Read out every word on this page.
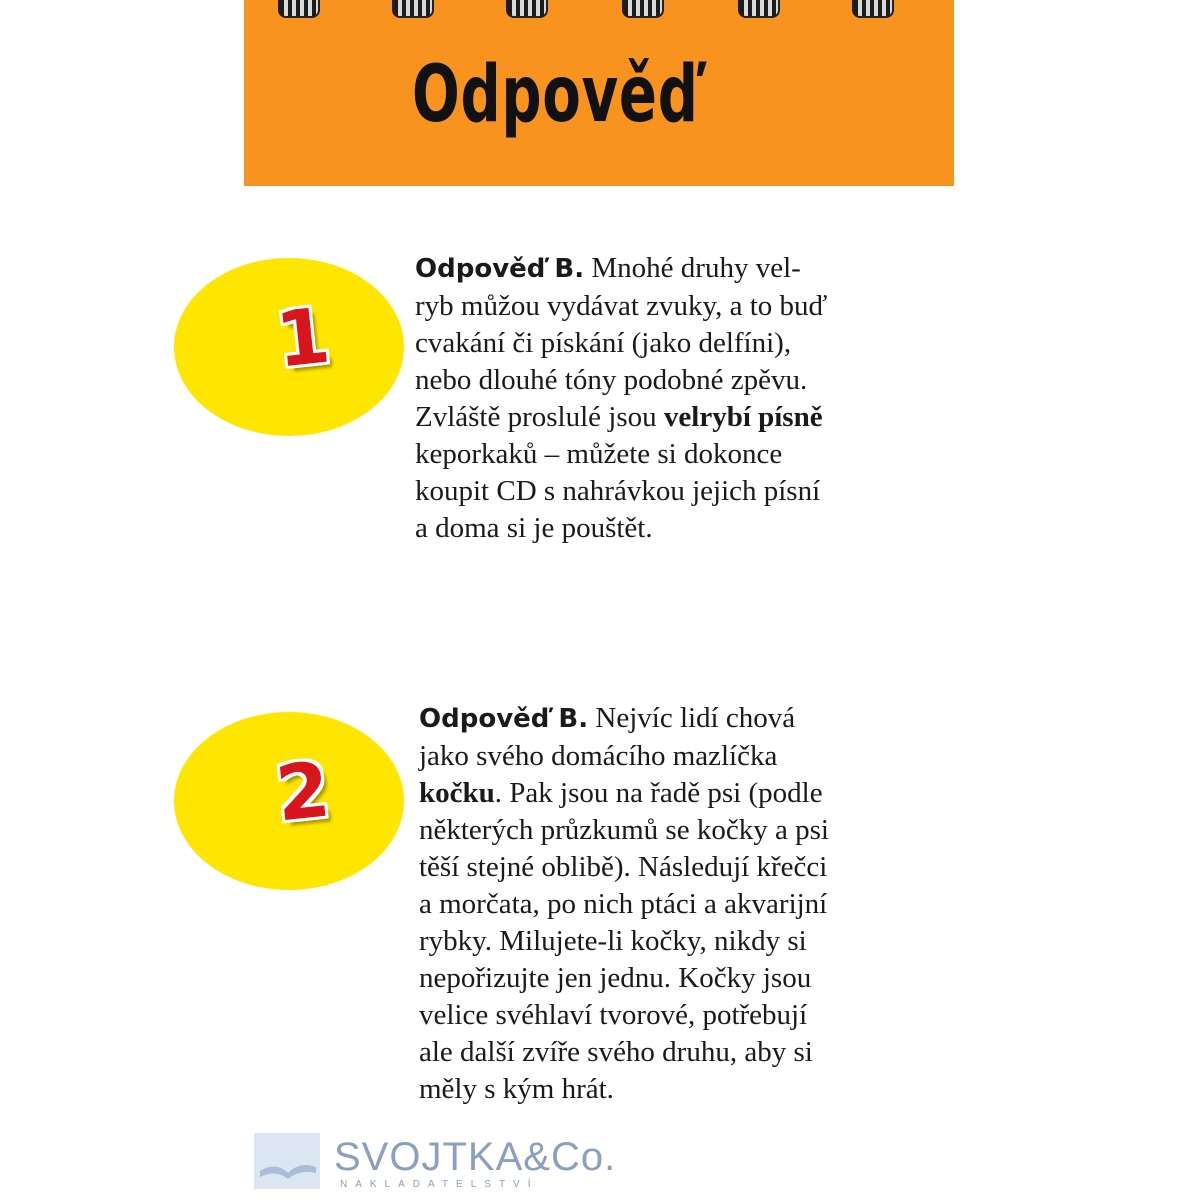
Odpověď
1
Odpověď B. Mnohé druhy vel-
ryb můžou vydávat zvuky, a to buď
cvakání či pískání (jako delfíni),
nebo dlouhé tóny podobné zpěvu.
Zvláště proslulé jsou velrybí písně
keporkaků – můžete si dokonce
koupit CD s nahrávkou jejich písní
a doma si je pouštět.
2
Odpověď B. Nejvíc lidí chová
jako svého domácího mazlíčka
kočku. Pak jsou na řadě psi (podle
některých průzkumů se kočky a psi
těší stejné oblibě). Následují křečci
a morčata, po nich ptáci a akvarijní
rybky. Milujete-li kočky, nikdy si
nepořizujte jen jednu. Kočky jsou
velice svéhlaví tvorové, potřebují
ale další zvíře svého druhu, aby si
měly s kým hrát.
SVOJTKA&Co.
NAKLADATELSTVÍ
